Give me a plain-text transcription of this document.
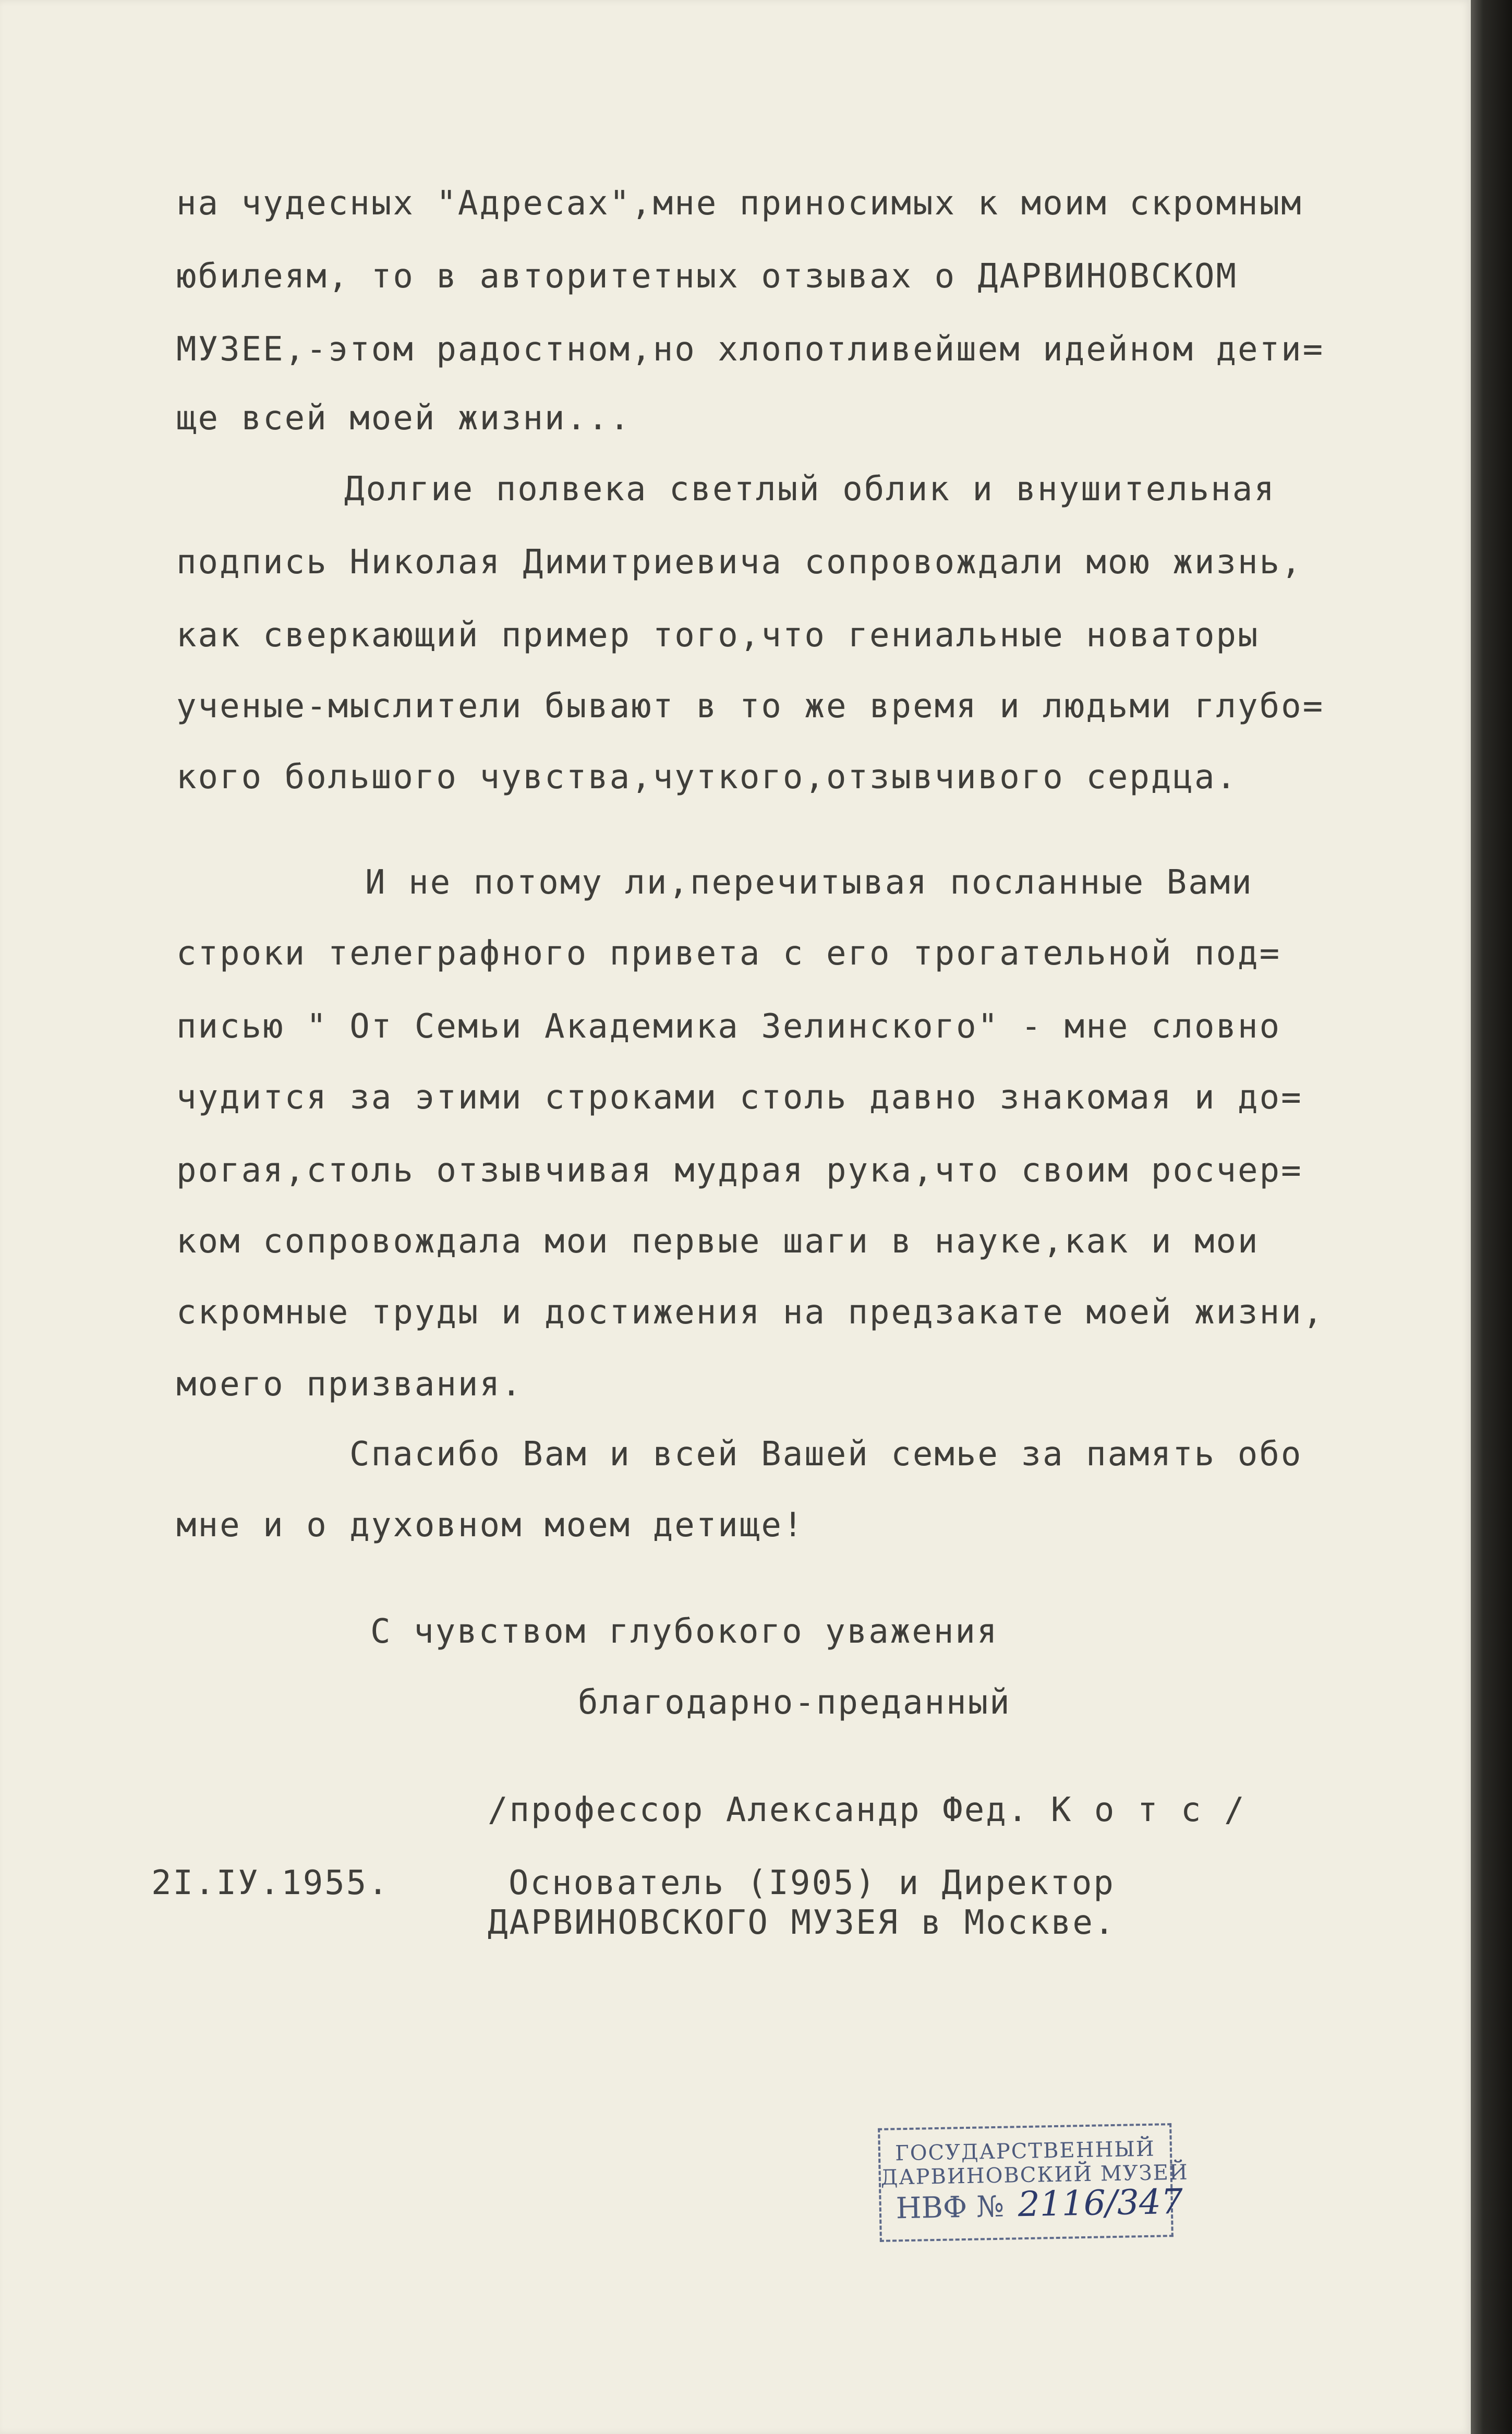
на чудесных "Адресах",мне приносимых к моим скромным
юбилеям, то в авторитетных отзывах о ДАРВИНОВСКОМ
МУЗЕЕ,-этом радостном,но хлопотливейшем идейном дети=
ще всей моей жизни...
Долгие полвека светлый облик и внушительная
подпись Николая Димитриевича сопровождали мою жизнь,
как сверкающий пример того,что гениальные новаторы
ученые-мыслители бывают в то же время и людьми глубо=
кого большого чувства,чуткого,отзывчивого сердца.
И не потому ли,перечитывая посланные Вами
строки телеграфного привета с его трогательной под=
писью " От Семьи Академика Зелинского" - мне словно
чудится за этими строками столь давно знакомая и до=
рогая,столь отзывчивая мудрая рука,что своим росчер=
ком сопровождала мои первые шаги в науке,как и мои
скромные труды и достижения на предзакате моей жизни,
моего призвания.
Спасибо Вам и всей Вашей семье за память обо
мне и о духовном моем детище!
С чувством глубокого уважения
благодарно-преданный
/профессор Александр Фед. К о т с /
2I.IУ.1955.	Основатель (I905) и Директор
ДАРВИНОВСКОГО МУЗЕЯ в Москве.
ГОСУДАРСТВЕННЫЙ
ДАРВИНОВСКИЙ МУЗЕЙ
НВФ № 2116/347
